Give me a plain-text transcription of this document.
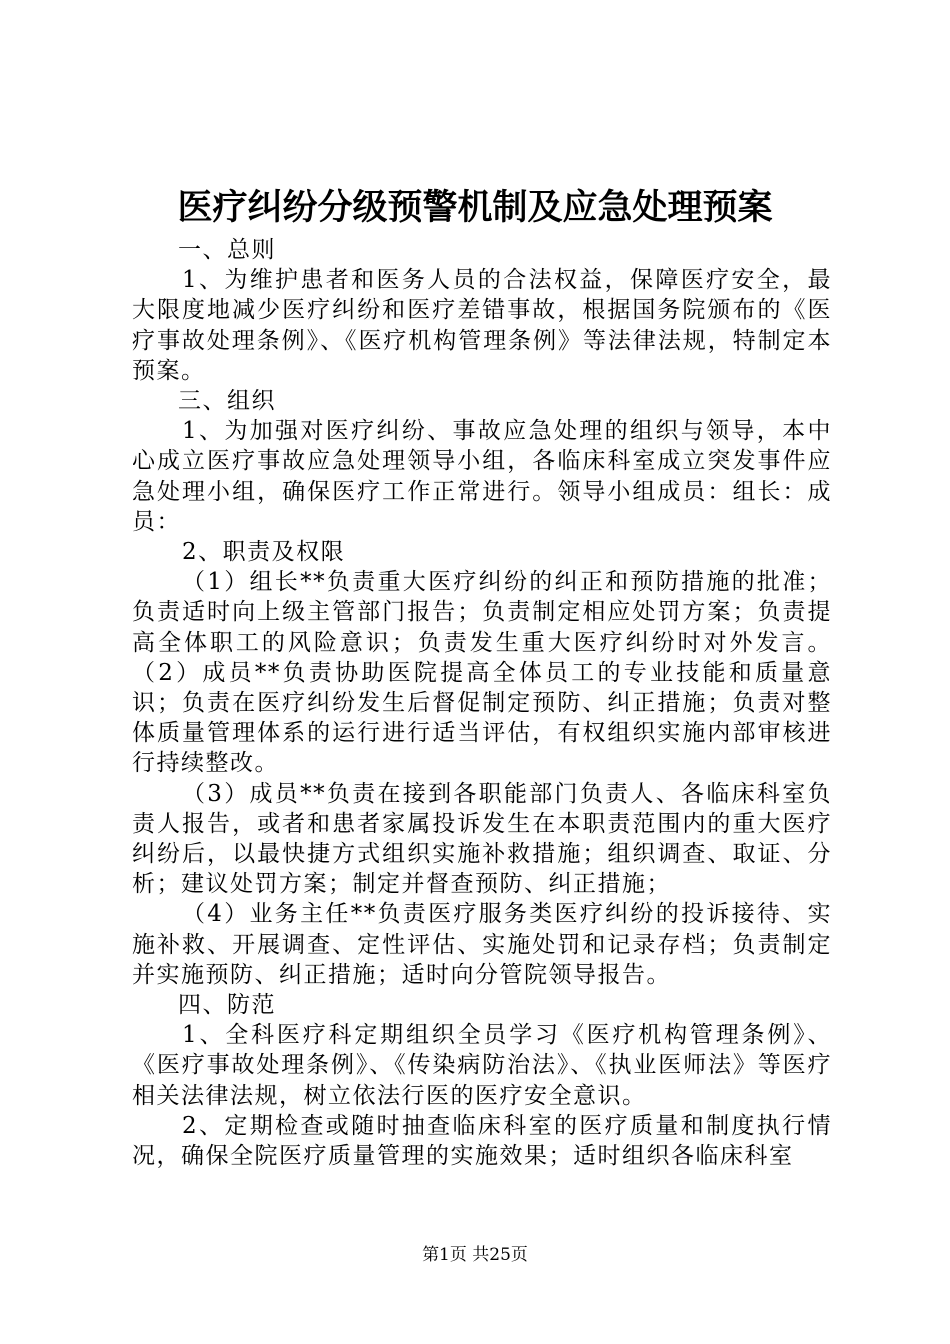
医疗纠纷分级预警机制及应急处理预案

一、总则

1、为维护患者和医务人员的合法权益，保障医疗安全，最大限度地减少医疗纠纷和医疗差错事故，根据国务院颁布的《医疗事故处理条例》、《医疗机构管理条例》等法律法规，特制定本预案。

三、组织

1、为加强对医疗纠纷、事故应急处理的组织与领导，本中心成立医疗事故应急处理领导小组，各临床科室成立突发事件应急处理小组，确保医疗工作正常进行。领导小组成员：组长：成员：

2、职责及权限

（1）组长**负责重大医疗纠纷的纠正和预防措施的批准；负责适时向上级主管部门报告；负责制定相应处罚方案；负责提高全体职工的风险意识；负责发生重大医疗纠纷时对外发言。（2）成员**负责协助医院提高全体员工的专业技能和质量意识；负责在医疗纠纷发生后督促制定预防、纠正措施；负责对整体质量管理体系的运行进行适当评估，有权组织实施内部审核进行持续整改。

（3）成员**负责在接到各职能部门负责人、各临床科室负责人报告，或者和患者家属投诉发生在本职责范围内的重大医疗纠纷后，以最快捷方式组织实施补救措施；组织调查、取证、分析；建议处罚方案；制定并督查预防、纠正措施；

（4）业务主任**负责医疗服务类医疗纠纷的投诉接待、实施补救、开展调查、定性评估、实施处罚和记录存档；负责制定并实施预防、纠正措施；适时向分管院领导报告。

四、防范

1、全科医疗科定期组织全员学习《医疗机构管理条例》、《医疗事故处理条例》、《传染病防治法》、《执业医师法》等医疗相关法律法规，树立依法行医的医疗安全意识。

2、定期检查或随时抽查临床科室的医疗质量和制度执行情况，确保全院医疗质量管理的实施效果；适时组织各临床科室

第1页 共25页
